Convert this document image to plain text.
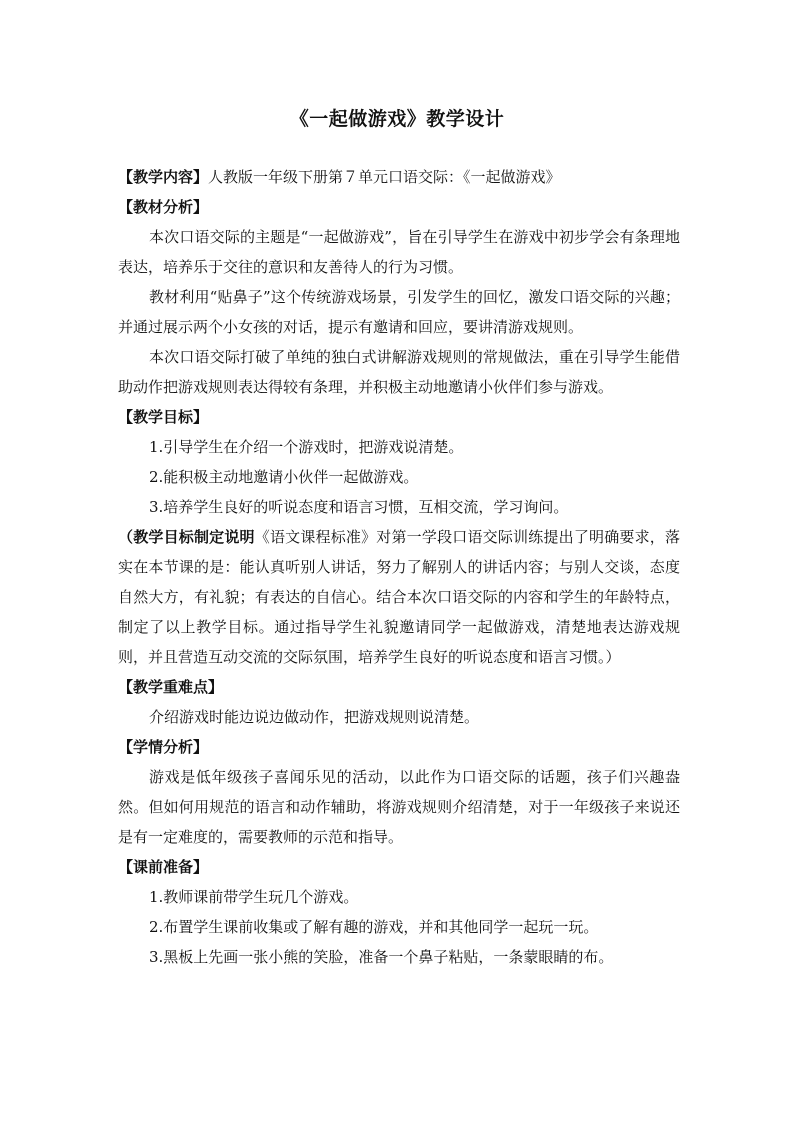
《一起做游戏》教学设计

【教学内容】人教版一年级下册第７单元口语交际：《一起做游戏》

【教材分析】

本次口语交际的主题是“一起做游戏”，旨在引导学生在游戏中初步学会有条理地表达，培养乐于交往的意识和友善待人的行为习惯。

教材利用“贴鼻子”这个传统游戏场景，引发学生的回忆，激发口语交际的兴趣；并通过展示两个小女孩的对话，提示有邀请和回应，要讲清游戏规则。

本次口语交际打破了单纯的独白式讲解游戏规则的常规做法，重在引导学生能借助动作把游戏规则表达得较有条理，并积极主动地邀请小伙伴们参与游戏。

【教学目标】

1.引导学生在介绍一个游戏时，把游戏说清楚。

2.能积极主动地邀请小伙伴一起做游戏。

3.培养学生良好的听说态度和语言习惯，互相交流，学习询问。

（教学目标制定说明《语文课程标准》对第一学段口语交际训练提出了明确要求，落实在本节课的是：能认真听别人讲话，努力了解别人的讲话内容；与别人交谈，态度自然大方，有礼貌；有表达的自信心。结合本次口语交际的内容和学生的年龄特点，制定了以上教学目标。通过指导学生礼貌邀请同学一起做游戏，清楚地表达游戏规则，并且营造互动交流的交际氛围，培养学生良好的听说态度和语言习惯。）

【教学重难点】

介绍游戏时能边说边做动作，把游戏规则说清楚。

【学情分析】

游戏是低年级孩子喜闻乐见的活动，以此作为口语交际的话题，孩子们兴趣盎然。但如何用规范的语言和动作辅助，将游戏规则介绍清楚，对于一年级孩子来说还是有一定难度的，需要教师的示范和指导。

【课前准备】

1.教师课前带学生玩几个游戏。

2.布置学生课前收集或了解有趣的游戏，并和其他同学一起玩一玩。

3.黑板上先画一张小熊的笑脸，准备一个鼻子粘贴，一条蒙眼睛的布。
